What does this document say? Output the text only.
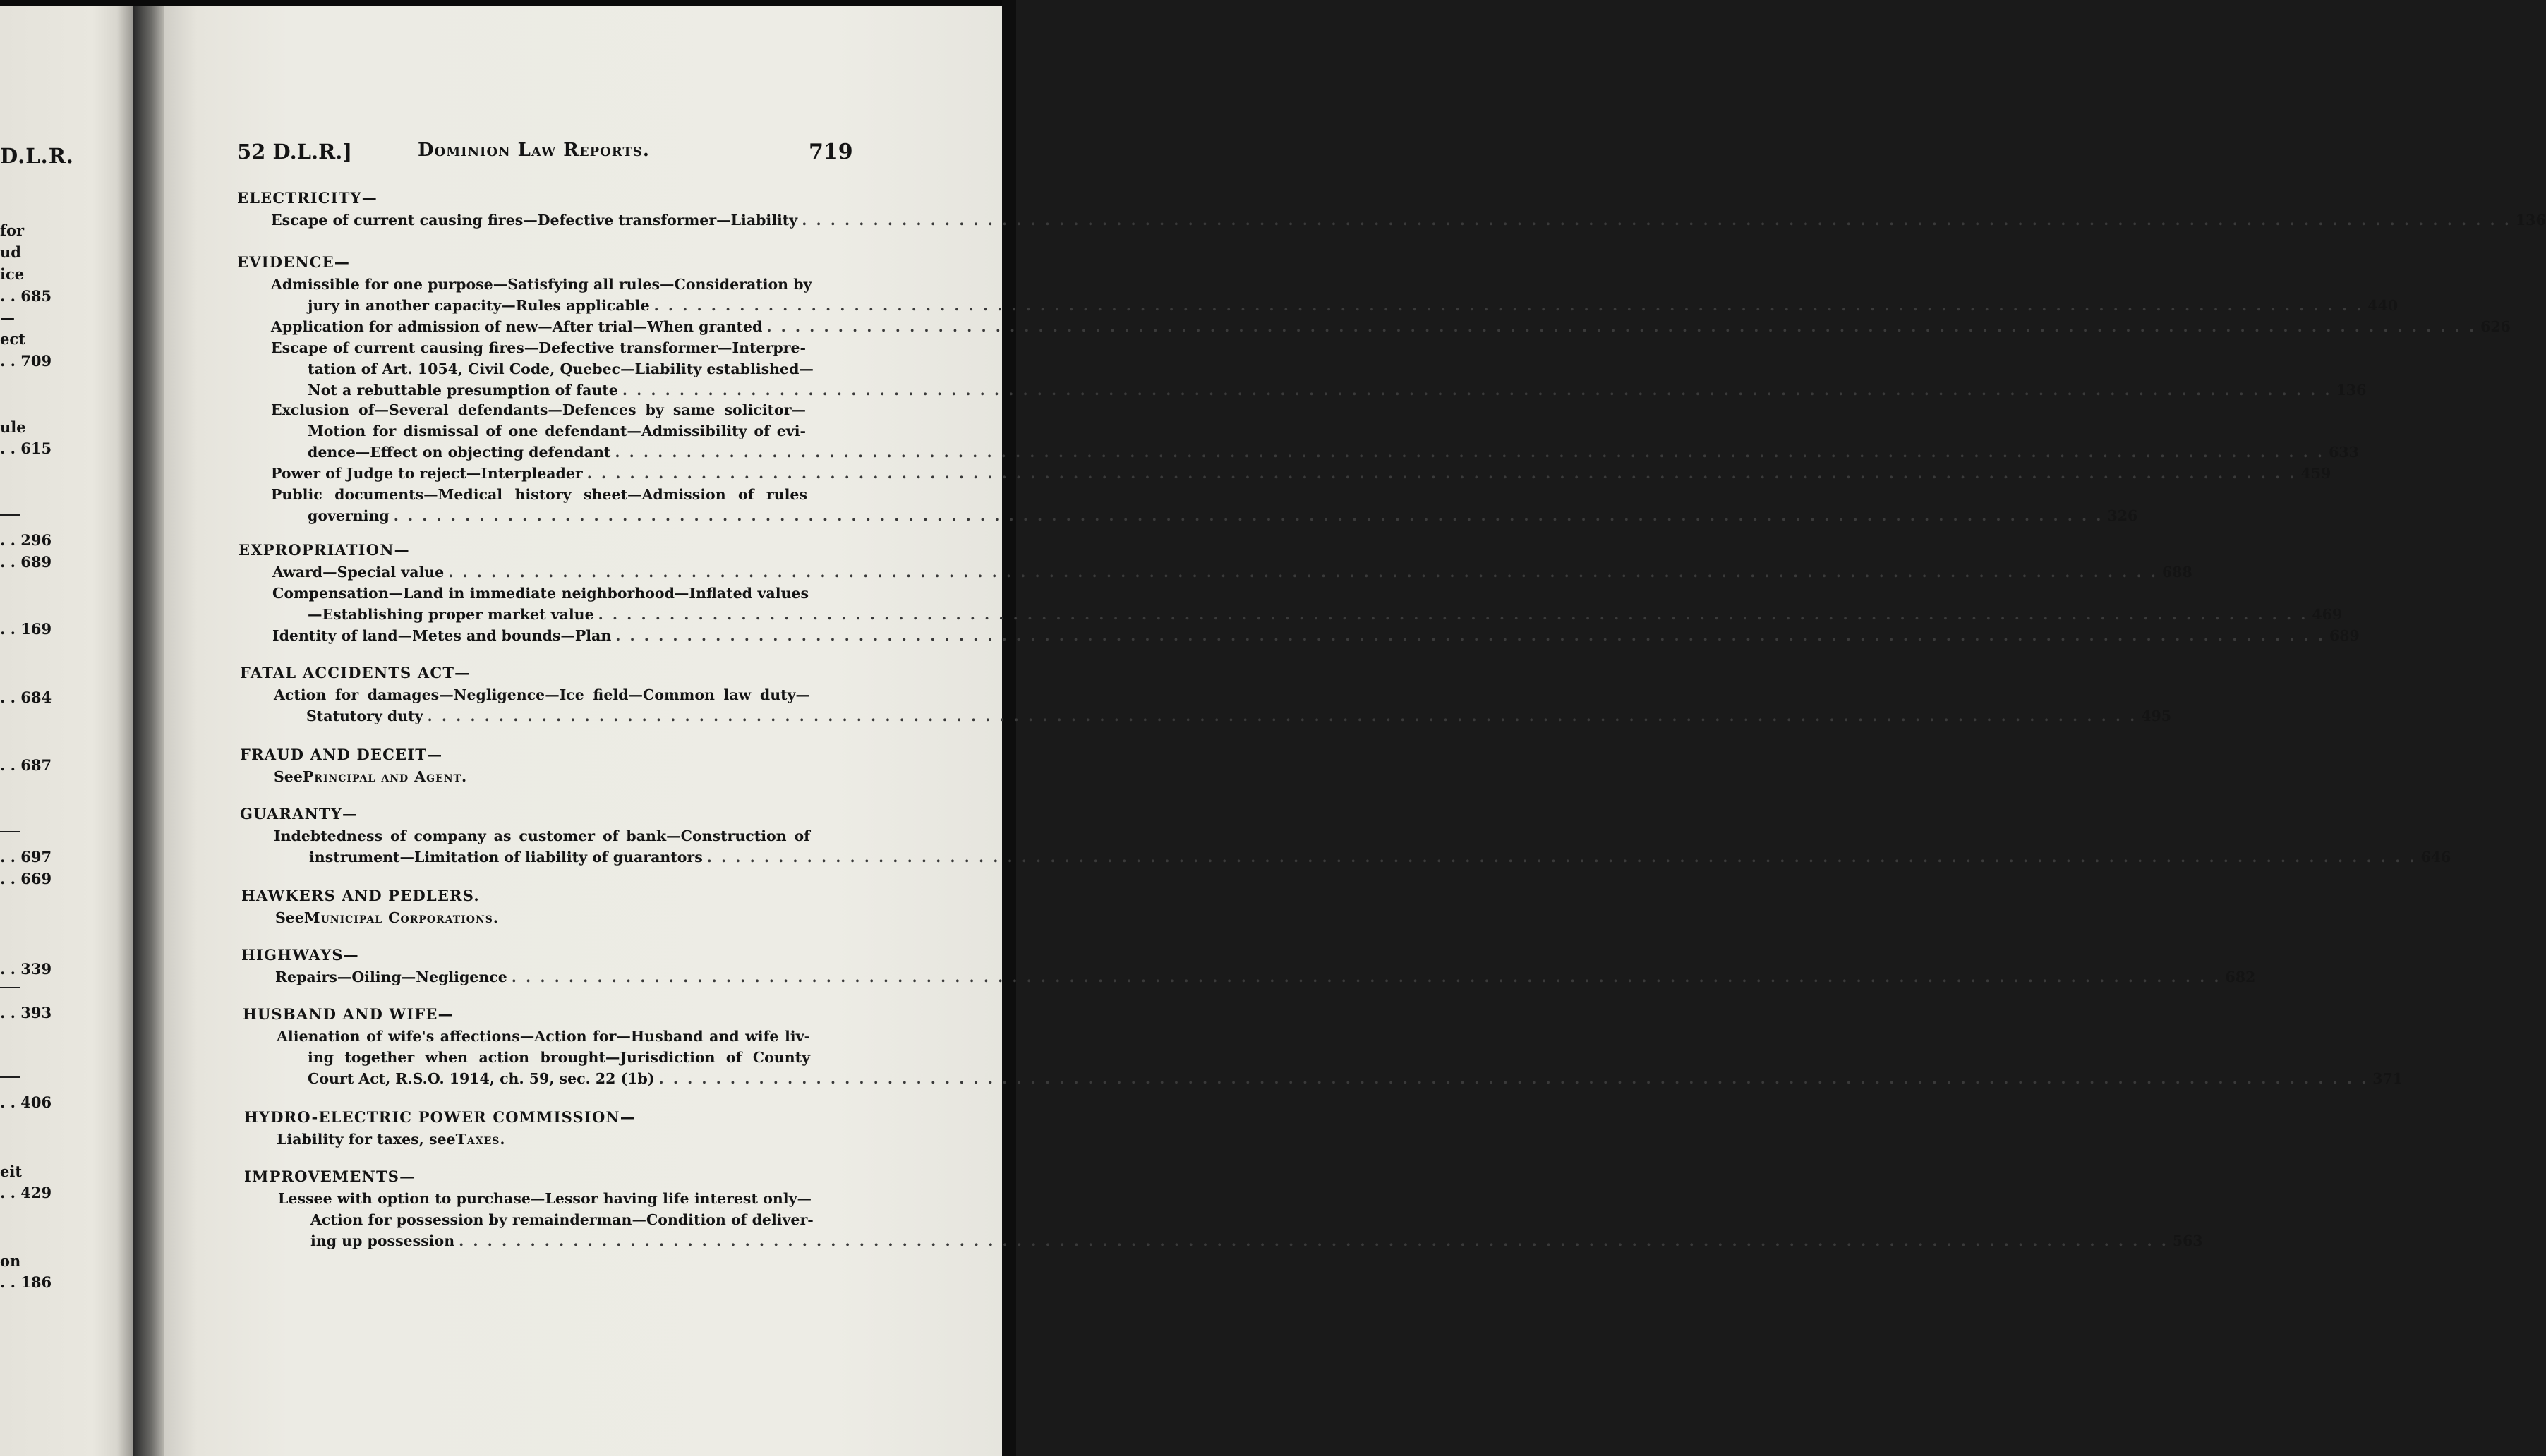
D.L.R.
for
ud
ice
. . 685
—
ect
. . 709
ule
. . 615
. . 296
. . 689
. . 169
. . 684
. . 687
. . 697
. . 669
. . 339
. . 393
. . 406
eit
. . 429
on
. . 186
52 D.L.R.]	Dominion Law Reports.	719
ELECTRICITY—
Escape of current causing fires—Defective transformer—Liability . . . . . . . . . . . . . . . . . . . . . . . . . . . . . . . . . . . . . . . . . . . . . . . . . . . . . . . . . . . . . . . . . . . . . . . . . . . . . . . . . . . . . . . . . . . . . . . . . . . . . . . . . . . . . . . . . . . . . . . . 136
EVIDENCE—
Admissible for one purpose—Satisfying all rules—Consideration by
jury in another capacity—Rules applicable . . . . . . . . . . . . . . . . . . . . . . . . . . . . . . . . . . . . . . . . . . . . . . . . . . . . . . . . . . . . . . . . . . . . . . . . . . . . . . . . . . . . . . . . . . . . . . . . . . . . . . . . . . . . . . . . . . . . . . . . 440
Application for admission of new—After trial—When granted . . . . . . . . . . . . . . . . . . . . . . . . . . . . . . . . . . . . . . . . . . . . . . . . . . . . . . . . . . . . . . . . . . . . . . . . . . . . . . . . . . . . . . . . . . . . . . . . . . . . . . . . . . . . . . . . . . . . . . . . 626
Escape of current causing fires—Defective transformer—Interpre-
tation of Art. 1054, Civil Code, Quebec—Liability established—
Not a rebuttable presumption of faute . . . . . . . . . . . . . . . . . . . . . . . . . . . . . . . . . . . . . . . . . . . . . . . . . . . . . . . . . . . . . . . . . . . . . . . . . . . . . . . . . . . . . . . . . . . . . . . . . . . . . . . . . . . . . . . . . . . . . . . . 136
Exclusion of—Several defendants—Defences by same solicitor—
Motion for dismissal of one defendant—Admissibility of evi-
dence—Effect on objecting defendant . . . . . . . . . . . . . . . . . . . . . . . . . . . . . . . . . . . . . . . . . . . . . . . . . . . . . . . . . . . . . . . . . . . . . . . . . . . . . . . . . . . . . . . . . . . . . . . . . . . . . . . . . . . . . . . . . . . . . . . . 633
Power of Judge to reject—Interpleader . . . . . . . . . . . . . . . . . . . . . . . . . . . . . . . . . . . . . . . . . . . . . . . . . . . . . . . . . . . . . . . . . . . . . . . . . . . . . . . . . . . . . . . . . . . . . . . . . . . . . . . . . . . . . . . . . . . . . . . . 459
Public documents—Medical history sheet—Admission of rules
governing . . . . . . . . . . . . . . . . . . . . . . . . . . . . . . . . . . . . . . . . . . . . . . . . . . . . . . . . . . . . . . . . . . . . . . . . . . . . . . . . . . . . . . . . . . . . . . . . . . . . . . . . . . . . . . . . . . . . . . . . 326
EXPROPRIATION—
Award—Special value . . . . . . . . . . . . . . . . . . . . . . . . . . . . . . . . . . . . . . . . . . . . . . . . . . . . . . . . . . . . . . . . . . . . . . . . . . . . . . . . . . . . . . . . . . . . . . . . . . . . . . . . . . . . . . . . . . . . . . . . 688
Compensation—Land in immediate neighborhood—Inflated values
—Establishing proper market value . . . . . . . . . . . . . . . . . . . . . . . . . . . . . . . . . . . . . . . . . . . . . . . . . . . . . . . . . . . . . . . . . . . . . . . . . . . . . . . . . . . . . . . . . . . . . . . . . . . . . . . . . . . . . . . . . . . . . . . . 469
Identity of land—Metes and bounds—Plan . . . . . . . . . . . . . . . . . . . . . . . . . . . . . . . . . . . . . . . . . . . . . . . . . . . . . . . . . . . . . . . . . . . . . . . . . . . . . . . . . . . . . . . . . . . . . . . . . . . . . . . . . . . . . . . . . . . . . . . . 689
FATAL ACCIDENTS ACT—
Action for damages—Negligence—Ice field—Common law duty—
Statutory duty . . . . . . . . . . . . . . . . . . . . . . . . . . . . . . . . . . . . . . . . . . . . . . . . . . . . . . . . . . . . . . . . . . . . . . . . . . . . . . . . . . . . . . . . . . . . . . . . . . . . . . . . . . . . . . . . . . . . . . . . 495
FRAUD AND DECEIT—
See Principal and Agent.
GUARANTY—
Indebtedness of company as customer of bank—Construction of
instrument—Limitation of liability of guarantors . . . . . . . . . . . . . . . . . . . . . . . . . . . . . . . . . . . . . . . . . . . . . . . . . . . . . . . . . . . . . . . . . . . . . . . . . . . . . . . . . . . . . . . . . . . . . . . . . . . . . . . . . . . . . . . . . . . . . . . . 646
HAWKERS AND PEDLERS.
See Municipal Corporations.
HIGHWAYS—
Repairs—Oiling—Negligence . . . . . . . . . . . . . . . . . . . . . . . . . . . . . . . . . . . . . . . . . . . . . . . . . . . . . . . . . . . . . . . . . . . . . . . . . . . . . . . . . . . . . . . . . . . . . . . . . . . . . . . . . . . . . . . . . . . . . . . . 682
HUSBAND AND WIFE—
Alienation of wife's affections—Action for—Husband and wife liv-
ing together when action brought—Jurisdiction of County
Court Act, R.S.O. 1914, ch. 59, sec. 22 (1b) . . . . . . . . . . . . . . . . . . . . . . . . . . . . . . . . . . . . . . . . . . . . . . . . . . . . . . . . . . . . . . . . . . . . . . . . . . . . . . . . . . . . . . . . . . . . . . . . . . . . . . . . . . . . . . . . . . . . . . . . 371
HYDRO-ELECTRIC POWER COMMISSION—
Liability for taxes, see Taxes.
IMPROVEMENTS—
Lessee with option to purchase—Lessor having life interest only—
Action for possession by remainderman—Condition of deliver-
ing up possession . . . . . . . . . . . . . . . . . . . . . . . . . . . . . . . . . . . . . . . . . . . . . . . . . . . . . . . . . . . . . . . . . . . . . . . . . . . . . . . . . . . . . . . . . . . . . . . . . . . . . . . . . . . . . . . . . . . . . . . . 563
